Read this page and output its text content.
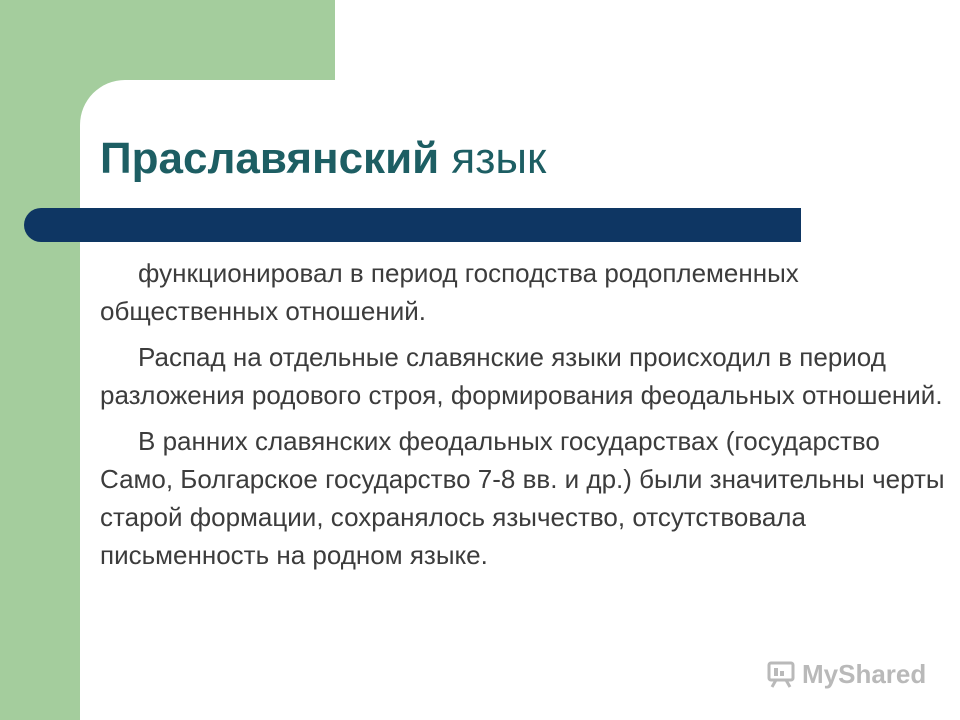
Праславянский язык

функционировал в период господства родоплеменных общественных отношений.

Распад на отдельные славянские языки происходил в период разложения родового строя, формирования феодальных отношений.

В ранних славянских феодальных государствах (государство Само, Болгарское государство 7-8 вв. и др.) были значительны черты старой формации, сохранялось язычество, отсутствовала письменность на родном языке.

MyShared
